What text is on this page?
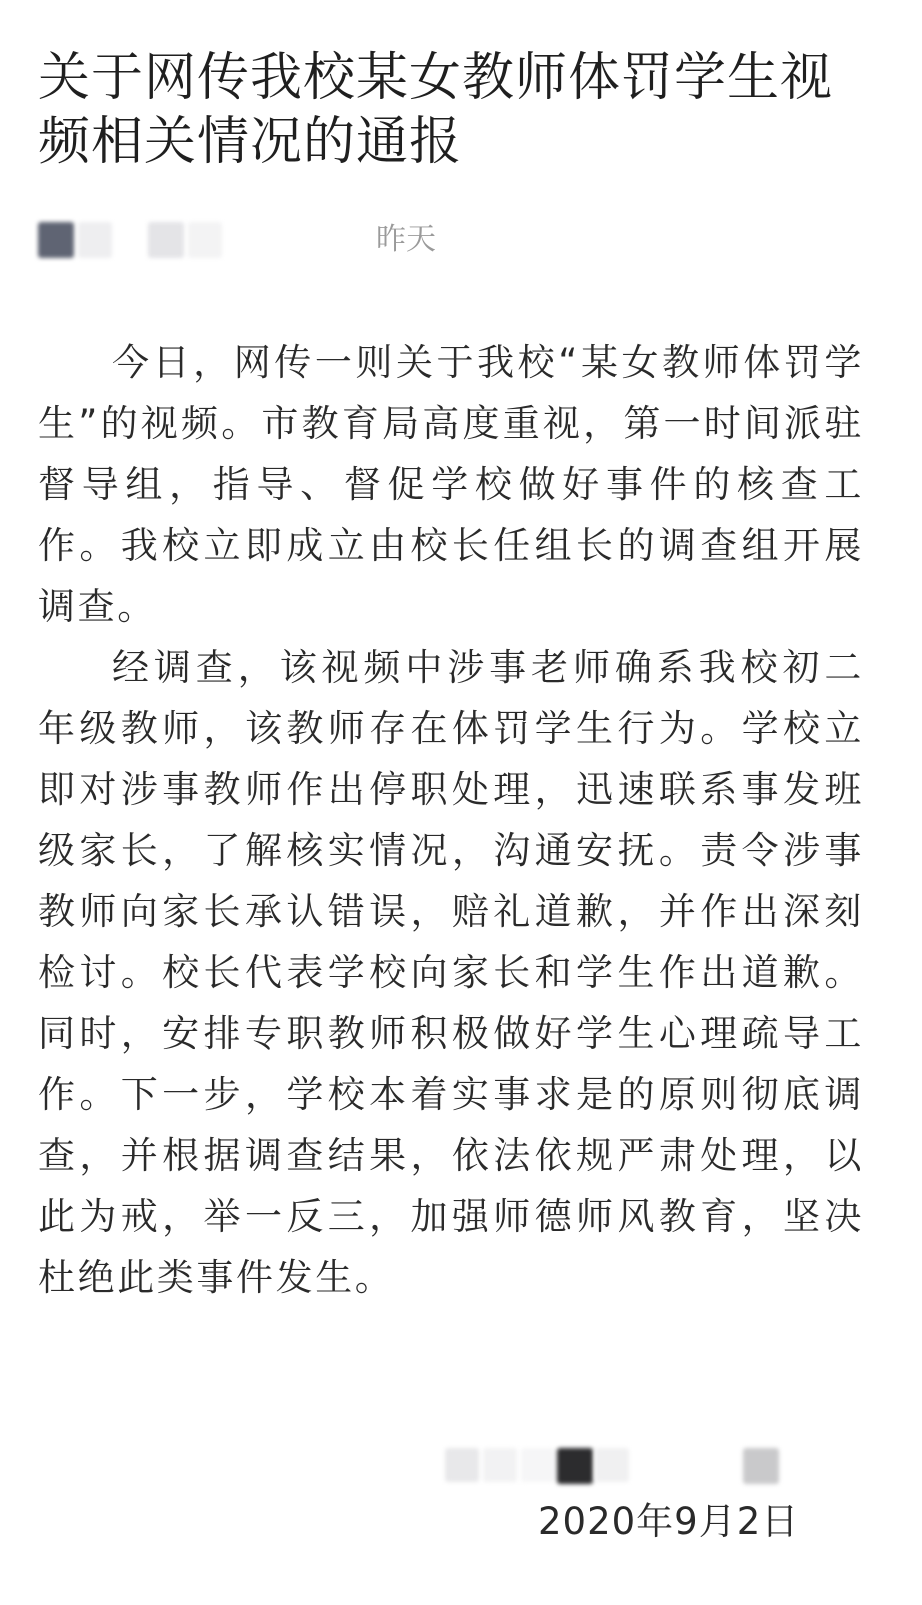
关于网传我校某女教师体罚学生视频相关情况的通报
昨天

今日，网传一则关于我校“某女教师体罚学生”的视频。市教育局高度重视，第一时间派驻督导组，指导、督促学校做好事件的核查工作。我校立即成立由校长任组长的调查组开展调查。

经调查，该视频中涉事老师确系我校初二年级教师，该教师存在体罚学生行为。学校立即对涉事教师作出停职处理，迅速联系事发班级家长，了解核实情况，沟通安抚。责令涉事教师向家长承认错误，赔礼道歉，并作出深刻检讨。校长代表学校向家长和学生作出道歉。同时，安排专职教师积极做好学生心理疏导工作。下一步，学校本着实事求是的原则彻底调查，并根据调查结果，依法依规严肃处理，以此为戒，举一反三，加强师德师风教育，坚决杜绝此类事件发生。

2020年9月2日
